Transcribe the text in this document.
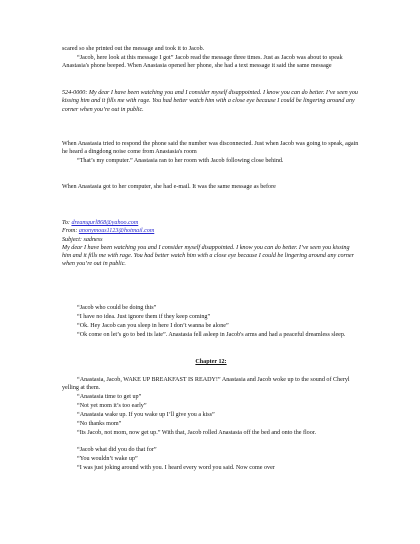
scared so she printed out the message and took it to Jacob.

“Jacob, here look at this message I got” Jacob read the message three times. Just as Jacob was about to speak Anastasia's phone beeped. When Anastasia opened her phone, she had a text message it said the same message

524-0000: My dear I have been watching you and I consider myself disappointed. I know you can do better. I’ve seen you kissing him and it fills me with rage. You had better watch him with a close eye because I could be lingering around any corner when you’re out in public.

When Anastasia tried to respond the phone said the number was disconnected. Just when Jacob was going to speak, again he heard a dingdong noise come from Anastasia's room

“That’s my computer.” Anastasia ran to her room with Jacob following close behind.

When Anastasia got to her computer, she had e-mail. It was the same message as before

To: dreamgurl868@yahoo.com

From: anonymous1123@hotmail.com

Subject: sadness

My dear I have been watching you and I consider myself disappointed. I know you can do better. I’ve seen you kissing him and it fills me with rage. You had better watch him with a close eye because I could be lingering around any corner when you’re out in public.

“Jacob who could be doing this”

“I have no idea. Just ignore them if they keep coming”

“Ok. Hey Jacob can you sleep in here I don’t wanna be alone”

“Ok come on let’s go to bed its late”. Anastasia fell asleep in Jacob's arms and had a peaceful dreamless sleep.

Chapter 12:

“Anastasia, Jacob, WAKE UP BREAKFAST IS READY!” Anastasia and Jacob woke up to the sound of Cheryl yelling at them.

“Anastasia time to get up”

“Not yet mom it’s too early”

“Anastasia wake up. If you wake up I’ll give you a kiss”

“No thanks mom”

“Its Jacob, not mom, now get up.” With that, Jacob rolled Anastasia off the bed and onto the floor.

“Jacob what did you do that for”

“You wouldn’t wake up”

“I was just joking around with you. I heard every word you said. Now come over
